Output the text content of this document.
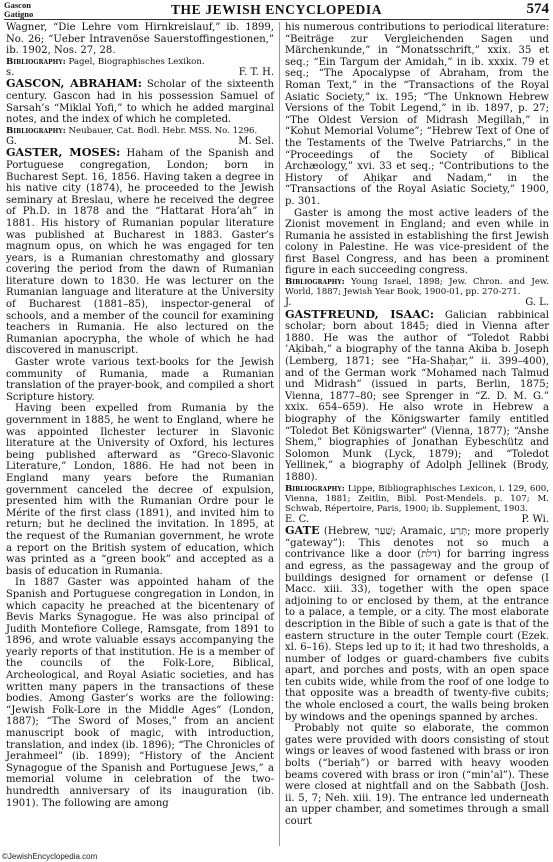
Gascon
Gatigno	THE JEWISH ENCYCLOPEDIA	574

Wagner, “Die Lehre vom Hirnkreislauf,” ib. 1899, No. 26; “Ueber Intravenöse Sauerstoffingestionen,” ib. 1902, Nos. 27, 28.

Bibliography: Pagel, Biographisches Lexikon.

s.	F. T. H.

GASCON, ABRAHAM: Scholar of the sixteenth century. Gascon had in his possession Samuel of Sarsah’s “Miklal Yofi,” to which he added marginal notes, and the index of which he completed.

Bibliography: Neubauer, Cat. Bodl. Hebr. MSS. No. 1296.

G.	M. Sel.

GASTER, MOSES: Haham of the Spanish and Portuguese congregation, London; born in Bucharest Sept. 16, 1856. Having taken a degree in his native city (1874), he proceeded to the Jewish seminary at Breslau, where he received the degree of Ph.D. in 1878 and the “Hattarat Hora’ah” in 1881. His history of Rumanian popular literature was published at Bucharest in 1883. Gaster’s magnum opus, on which he was engaged for ten years, is a Rumanian chrestomathy and glossary covering the period from the dawn of Rumanian literature down to 1830. He was lecturer on the Rumanian language and literature at the University of Bucharest (1881–85), inspector-general of schools, and a member of the council for examining teachers in Rumania. He also lectured on the Rumanian apocrypha, the whole of which he had discovered in manuscript.

Gaster wrote various text-books for the Jewish community of Rumania, made a Rumanian translation of the prayer-book, and compiled a short Scripture history.

Having been expelled from Rumania by the government in 1885, he went to England, where he was appointed Ilchester lecturer in Slavonic literature at the University of Oxford, his lectures being published afterward as “Greco-Slavonic Literature,” London, 1886. He had not been in England many years before the Rumanian government canceled the decree of expulsion, presented him with the Rumanian Ordre pour le Mérite of the first class (1891), and invited him to return; but he declined the invitation. In 1895, at the request of the Rumanian government, he wrote a report on the British system of education, which was printed as a “green book” and accepted as a basis of education in Rumania.

In 1887 Gaster was appointed haham of the Spanish and Portuguese congregation in London, in which capacity he preached at the bicentenary of Bevis Marks Synagogue. He was also principal of Judith Montefiore College, Ramsgate, from 1891 to 1896, and wrote valuable essays accompanying the yearly reports of that institution. He is a member of the councils of the Folk-Lore, Biblical, Archeological, and Royal Asiatic societies, and has written many papers in the transactions of these bodies. Among Gaster’s works are the following: “Jewish Folk-Lore in the Middle Ages” (London, 1887); “The Sword of Moses,” from an ancient manuscript book of magic, with introduction, translation, and index (ib. 1896); “The Chronicles of Jerahmeel” (ib. 1899); “History of the Ancient Synagogue of the Spanish and Portuguese Jews,” a memorial volume in celebration of the two-hundredth anniversary of its inauguration (ib. 1901). The following are among

his numerous contributions to periodical literature: “Beiträge zur Vergleichenden Sagen und Märchenkunde,” in “Monatsschrift,” xxix. 35 et seq.; “Ein Targum der Amidah,” in ib. xxxix. 79 et seq.; “The Apocalypse of Abraham, from the Roman Text,” in the “Transactions of the Royal Asiatic Society,” ix. 195; “The Unknown Hebrew Versions of the Tobit Legend,” in ib. 1897, p. 27; “The Oldest Version of Midrash Megillah,” in “Kohut Memorial Volume”; “Hebrew Text of One of the Testaments of the Twelve Patriarchs,” in the “Proceedings of the Society of Biblical Archæology,” xvi. 33 et seq.; “Contributions to the History of Aḥiḳar and Nadam,” in the “Transactions of the Royal Asiatic Society,” 1900, p. 301.

Gaster is among the most active leaders of the Zionist movement in England; and even while in Rumania he assisted in establishing the first Jewish colony in Palestine. He was vice-president of the first Basel Congress, and has been a prominent figure in each succeeding congress.

Bibliography: Young Israel, 1898; Jew. Chron. and Jew. World, 1887; Jewish Year Book, 1900-01, pp. 270-271.

J.	G. L.

GASTFREUND, ISAAC: Galician rabbinical scholar; born about 1845; died in Vienna after 1880. He was the author of “Toledot Rabbi ’Aḳibah,” a biography of the tanna Akiba b. Joseph (Lemberg, 1871; see “Ha-Shaḥar,” ii. 399–400), and of the German work “Mohamed nach Talmud und Midrash” (issued in parts, Berlin, 1875; Vienna, 1877–80; see Sprenger in “Z. D. M. G.” xxix. 654–659). He also wrote in Hebrew a biography of the Königswarter family entitled “Toledot Bet Königswarter” (Vienna, 1877); “Anshe Shem,” biographies of Jonathan Eybeschütz and Solomon Munk (Lyck, 1879); and “Toledot Yellinek,” a biography of Adolph Jellinek (Brody, 1880).

Bibliography: Lippe, Bibliographisches Lexicon, i. 129, 600, Vienna, 1881; Zeitlin, Bibl. Post-Mendels. p. 107; M. Schwab, Répertoire, Paris, 1900; ib. Supplement, 1903.

E. C.	P. Wi.

GATE (Hebrew, שַׁעַר; Aramaic, תְּרַע; more properly “gateway”): This denotes not so much a contrivance like a door (דלת) for barring ingress and egress, as the passageway and the group of buildings designed for ornament or defense (I Macc. xiii. 33), together with the open space adjoining to or enclosed by them, at the entrance to a palace, a temple, or a city. The most elaborate description in the Bible of such a gate is that of the eastern structure in the outer Temple court (Ezek. xl. 6–16). Steps led up to it; it had two thresholds, a number of lodges or guard-chambers five cubits apart, and porches and posts, with an open space ten cubits wide, while from the roof of one lodge to that opposite was a breadth of twenty-five cubits; the whole enclosed a court, the walls being broken by windows and the openings spanned by arches.

Probably not quite so elaborate, the common gates were provided with doors consisting of stout wings or leaves of wood fastened with brass or iron bolts (“beriaḥ”) or barred with heavy wooden beams covered with brass or iron (“min’al”). These were closed at nightfall and on the Sabbath (Josh. ii. 5, 7; Neh. xiii. 19). The entrance led underneath an upper chamber, and sometimes through a small court

©JewishEncyclopedia.com
